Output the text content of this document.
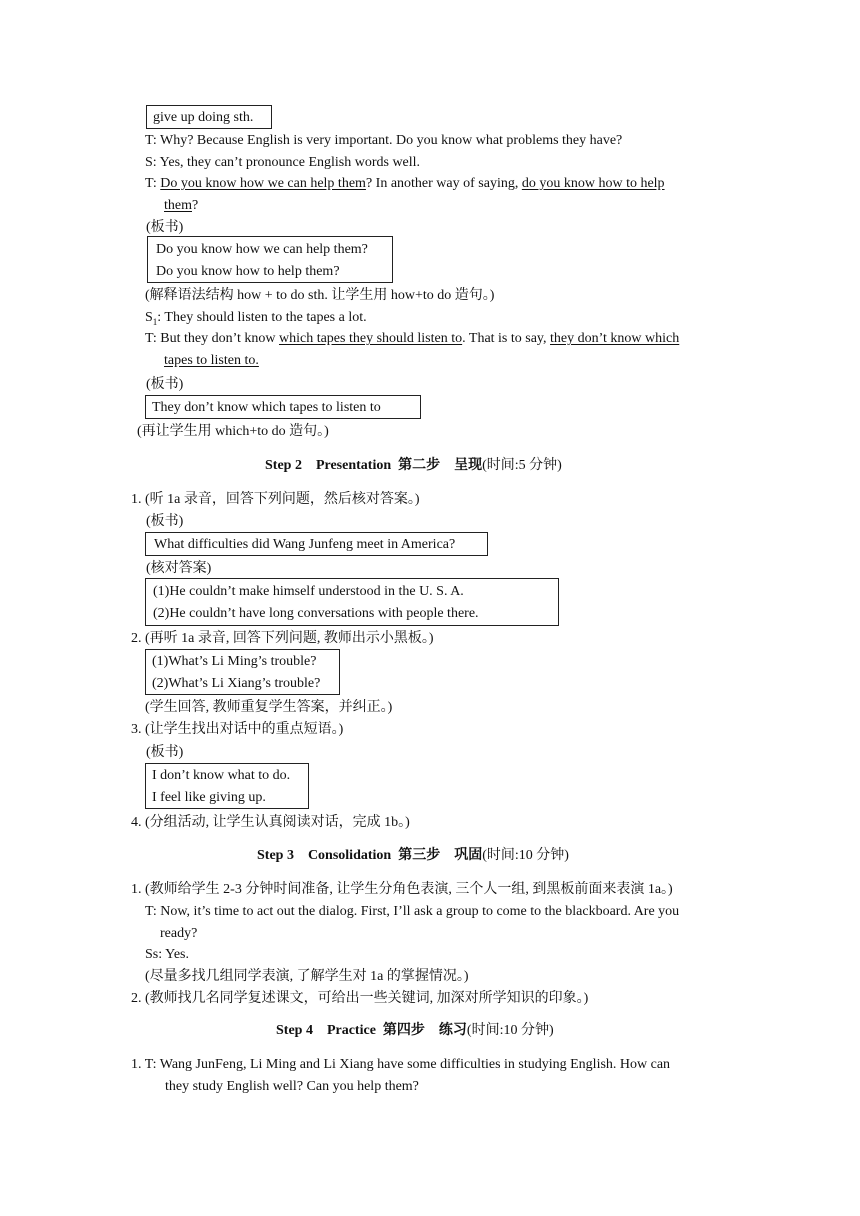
give up doing sth.
T: Why? Because English is very important. Do you know what problems they have?
S: Yes, they can’t pronounce English words well.
T: Do you know how we can help them? In another way of saying, do you know how to help
them?
(板书)
Do you know how we can help them?
Do you know how to help them?
(解释语法结构 how + to do sth. 让学生用 how+to do 造句。)
$S_1$: They should listen to the tapes a lot.
T: But they don’t know which tapes they should listen to. That is to say, they don’t know which
tapes to listen to.
(板书)
They don’t know which tapes to listen to
(再让学生用 which+to do 造句。)
Step 2    Presentation  第二步    呈现(时间:5 分钟)
1. (听 1a 录音，回答下列问题，然后核对答案。)
(板书)
What difficulties did Wang Junfeng meet in America?
(核对答案)
(1)He couldn’t make himself understood in the U. S. A.
(2)He couldn’t have long conversations with people there.
2. (再听 1a 录音, 回答下列问题, 教师出示小黑板。)
(1)What’s Li Ming’s trouble?
(2)What’s Li Xiang’s trouble?
(学生回答, 教师重复学生答案，并纠正。)
3. (让学生找出对话中的重点短语。)
(板书)
I don’t know what to do.
I feel like giving up.
4. (分组活动, 让学生认真阅读对话，完成 1b。)
Step 3    Consolidation  第三步    巩固(时间:10 分钟)
1. (教师给学生 2-3 分钟时间准备, 让学生分角色表演, 三个人一组, 到黑板前面来表演 1a。)
T: Now, it’s time to act out the dialog. First, I’ll ask a group to come to the blackboard. Are you
ready?
Ss: Yes.
(尽量多找几组同学表演, 了解学生对 1a 的掌握情况。)
2. (教师找几名同学复述课文，可给出一些关键词, 加深对所学知识的印象。)
Step 4    Practice  第四步    练习(时间:10 分钟)
1. T: Wang JunFeng, Li Ming and Li Xiang have some difficulties in studying English. How can
they study English well? Can you help them?
